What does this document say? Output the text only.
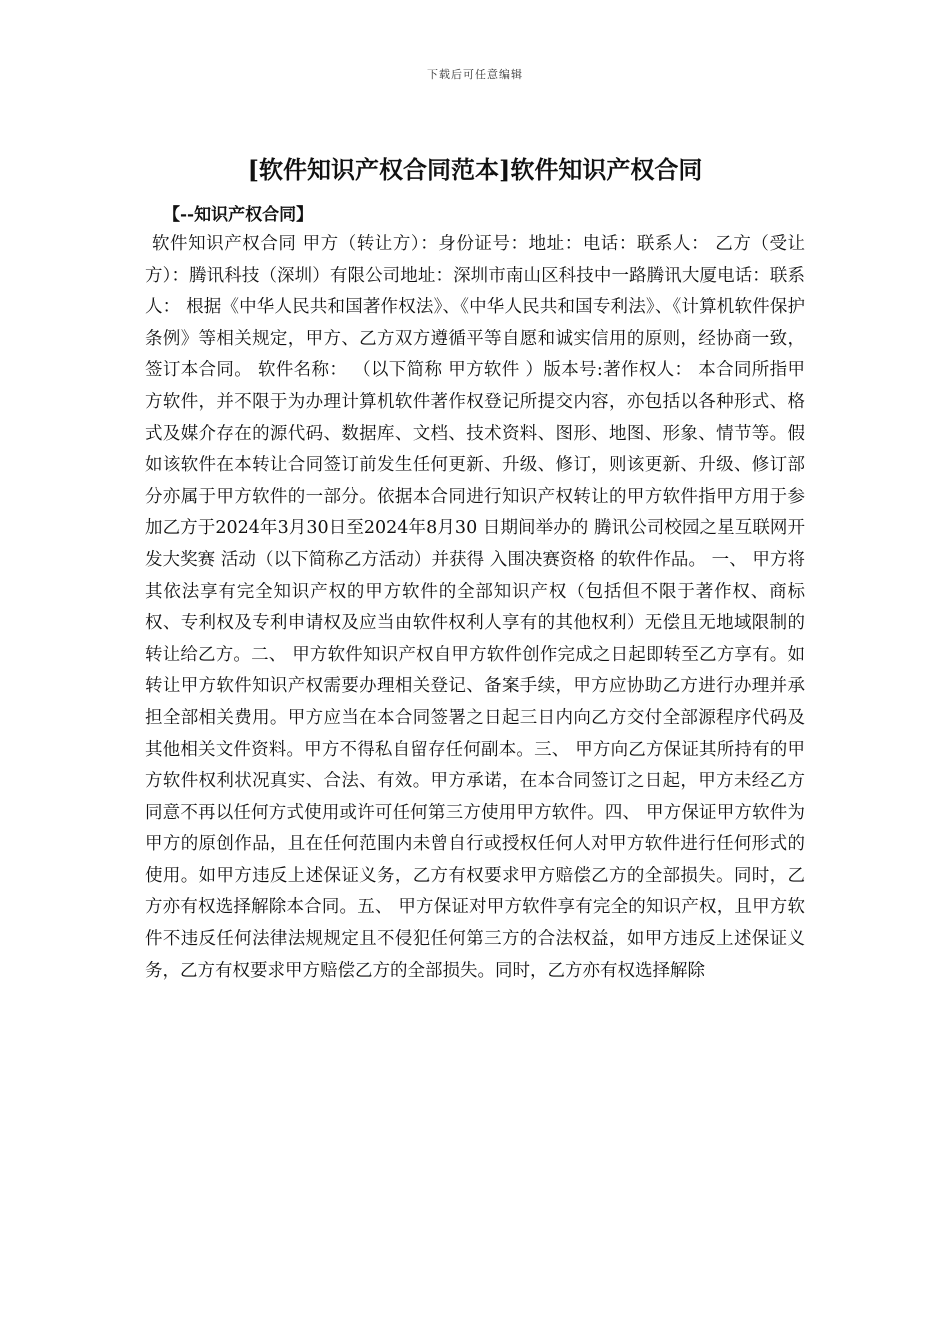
下载后可任意编辑
[软件知识产权合同范本]软件知识产权合同
【--知识产权合同】

软件知识产权合同 甲方（转让方）：身份证号：地址：电话：联系人： 乙方（受让方）：腾讯科技（深圳）有限公司地址：深圳市南山区科技中一路腾讯大厦电话：联系人： 根据《中华人民共和国著作权法》、《中华人民共和国专利法》、《计算机软件保护条例》等相关规定，甲方、乙方双方遵循平等自愿和诚实信用的原则，经协商一致，签订本合同。 软件名称： （以下简称 甲方软件 ）版本号:著作权人： 本合同所指甲方软件，并不限于为办理计算机软件著作权登记所提交内容，亦包括以各种形式、格式及媒介存在的源代码、数据库、文档、技术资料、图形、地图、形象、情节等。假如该软件在本转让合同签订前发生任何更新、升级、修订，则该更新、升级、修订部分亦属于甲方软件的一部分。依据本合同进行知识产权转让的甲方软件指甲方用于参加乙方于2024年3月30日至2024年8月30 日期间举办的 腾讯公司校园之星互联网开发大奖赛 活动（以下简称乙方活动）并获得 入围决赛资格 的软件作品。 一、 甲方将其依法享有完全知识产权的甲方软件的全部知识产权（包括但不限于著作权、商标权、专利权及专利申请权及应当由软件权利人享有的其他权利）无偿且无地域限制的转让给乙方。二、 甲方软件知识产权自甲方软件创作完成之日起即转至乙方享有。如转让甲方软件知识产权需要办理相关登记、备案手续，甲方应协助乙方进行办理并承担全部相关费用。甲方应当在本合同签署之日起三日内向乙方交付全部源程序代码及其他相关文件资料。甲方不得私自留存任何副本。三、 甲方向乙方保证其所持有的甲方软件权利状况真实、合法、有效。甲方承诺，在本合同签订之日起，甲方未经乙方同意不再以任何方式使用或许可任何第三方使用甲方软件。四、 甲方保证甲方软件为甲方的原创作品，且在任何范围内未曾自行或授权任何人对甲方软件进行任何形式的使用。如甲方违反上述保证义务，乙方有权要求甲方赔偿乙方的全部损失。同时，乙方亦有权选择解除本合同。五、 甲方保证对甲方软件享有完全的知识产权，且甲方软件不违反任何法律法规规定且不侵犯任何第三方的合法权益，如甲方违反上述保证义务，乙方有权要求甲方赔偿乙方的全部损失。同时，乙方亦有权选择解除
